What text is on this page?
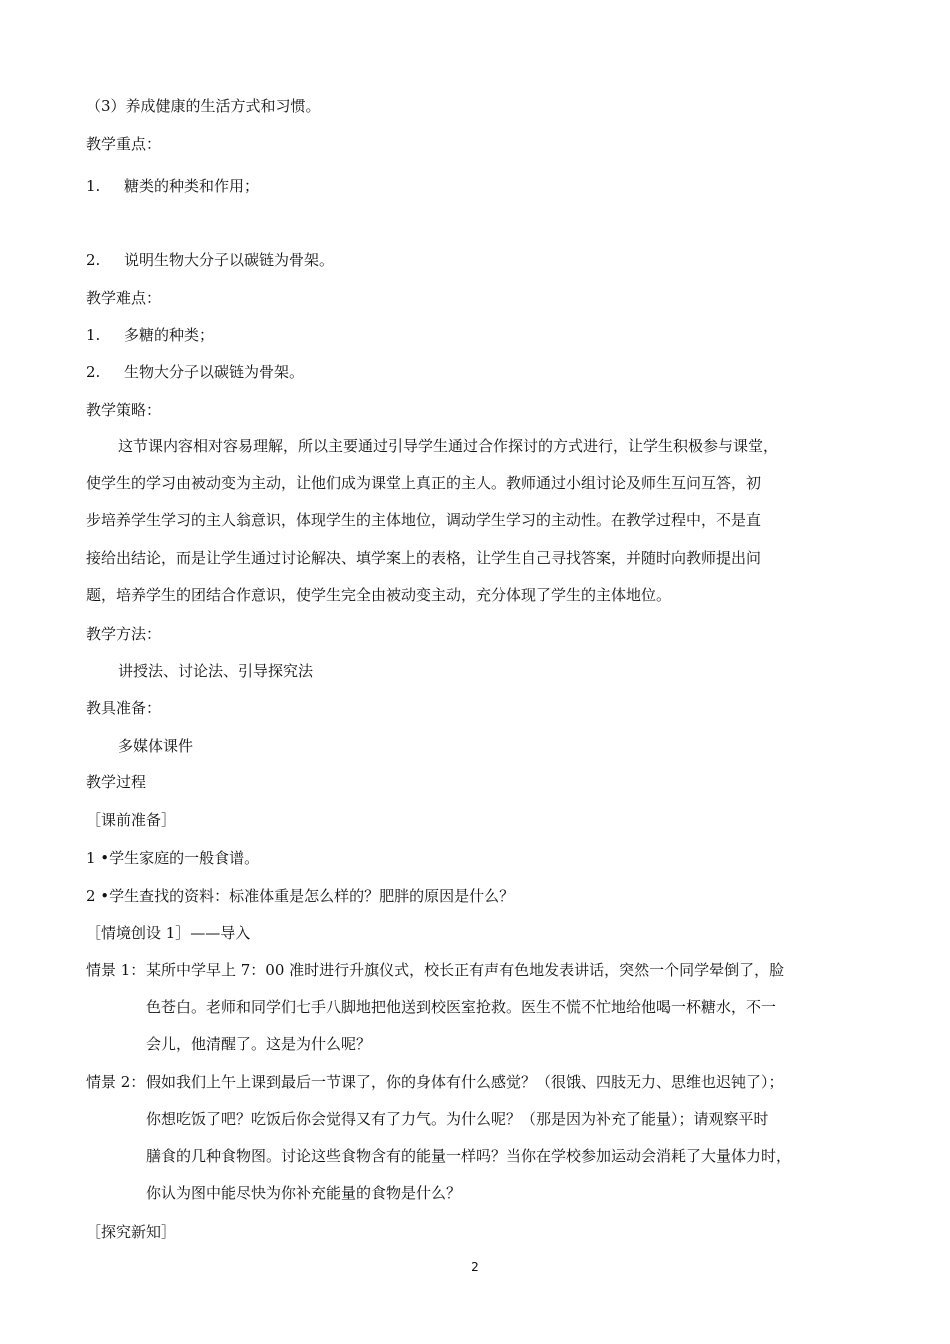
（3）养成健康的生活方式和习惯。
教学重点：
1. 糖类的种类和作用；
2. 说明生物大分子以碳链为骨架。
教学难点：
1. 多糖的种类；
2. 生物大分子以碳链为骨架。
教学策略：

这节课内容相对容易理解，所以主要通过引导学生通过合作探讨的方式进行，让学生积极参与课堂，

使学生的学习由被动变为主动，让他们成为课堂上真正的主人。教师通过小组讨论及师生互问互答，初

步培养学生学习的主人翁意识，体现学生的主体地位，调动学生学习的主动性。在教学过程中，不是直

接给出结论，而是让学生通过讨论解决、填学案上的表格，让学生自己寻找答案，并随时向教师提出问

题，培养学生的团结合作意识，使学生完全由被动变主动，充分体现了学生的主体地位。

教学方法：
讲授法、讨论法、引导探究法
教具准备：
多媒体课件
教学过程
［课前准备］
1 •学生家庭的一般食谱。
2 •学生查找的资料：标准体重是怎么样的？肥胖的原因是什么？
［情境创设 1］——导入
情景 1： 某所中学早上 7：00 准时进行升旗仪式，校长正有声有色地发表讲话，突然一个同学晕倒了，脸
色苍白。老师和同学们七手八脚地把他送到校医室抢救。医生不慌不忙地给他喝一杯糖水，不一
会儿，他清醒了。这是为什么呢？
情景 2： 假如我们上午上课到最后一节课了，你的身体有什么感觉？（很饿、四肢无力、思维也迟钝了）；
你想吃饭了吧？吃饭后你会觉得又有了力气。为什么呢？（那是因为补充了能量）；请观察平时
膳食的几种食物图。讨论这些食物含有的能量一样吗？当你在学校参加运动会消耗了大量体力时，
你认为图中能尽快为你补充能量的食物是什么？
［探究新知］
2
